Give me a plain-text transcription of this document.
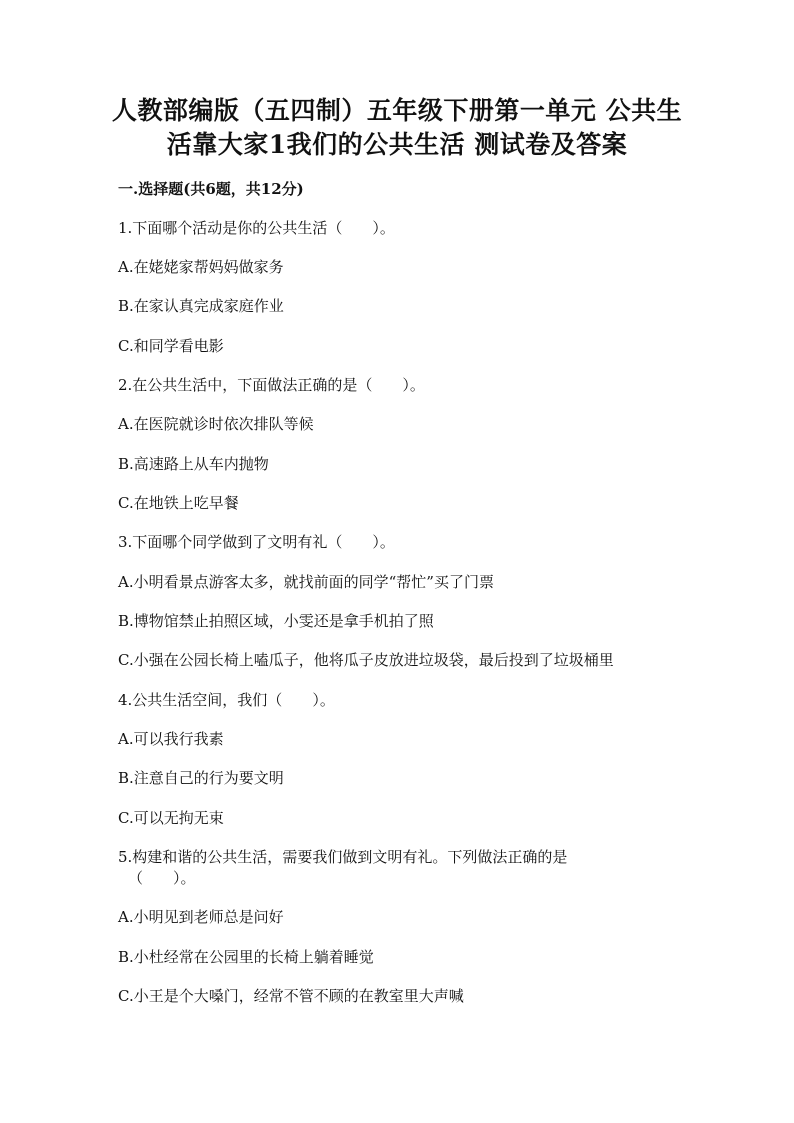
人教部编版（五四制）五年级下册第一单元 公共生
活靠大家1我们的公共生活 测试卷及答案
一.选择题(共6题，共12分)
1.下面哪个活动是你的公共生活（　　）。
A.在姥姥家帮妈妈做家务
B.在家认真完成家庭作业
C.和同学看电影
2.在公共生活中，下面做法正确的是（　　）。
A.在医院就诊时依次排队等候
B.高速路上从车内抛物
C.在地铁上吃早餐
3.下面哪个同学做到了文明有礼（　　）。
A.小明看景点游客太多，就找前面的同学“帮忙”买了门票
B.博物馆禁止拍照区域，小雯还是拿手机拍了照
C.小强在公园长椅上嗑瓜子，他将瓜子皮放进垃圾袋，最后投到了垃圾桶里
4.公共生活空间，我们（　　）。
A.可以我行我素
B.注意自己的行为要文明
C.可以无拘无束
5.构建和谐的公共生活，需要我们做到文明有礼。下列做法正确的是
（　　）。
A.小明见到老师总是问好
B.小杜经常在公园里的长椅上躺着睡觉
C.小王是个大嗓门，经常不管不顾的在教室里大声喊
